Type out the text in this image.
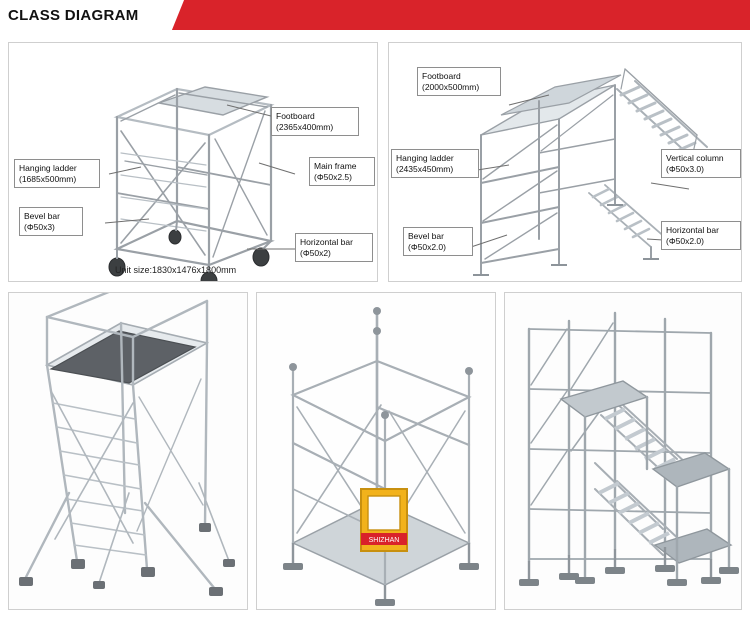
CLASS DIAGRAM
Footboard
(2365x400mm)
Main frame
(Φ50x2.5)
Hanging ladder
(1685x500mm)
Bevel bar
(Φ50x3)
Horizontal bar
(Φ50x2)
Unit size:1830x1476x1800mm
Footboard
(2000x500mm)
Hanging ladder
(2435x450mm)
Bevel bar
(Φ50x2.0)
Vertical column
(Φ50x3.0)
Horizontal bar
(Φ50x2.0)
SHIZHAN
